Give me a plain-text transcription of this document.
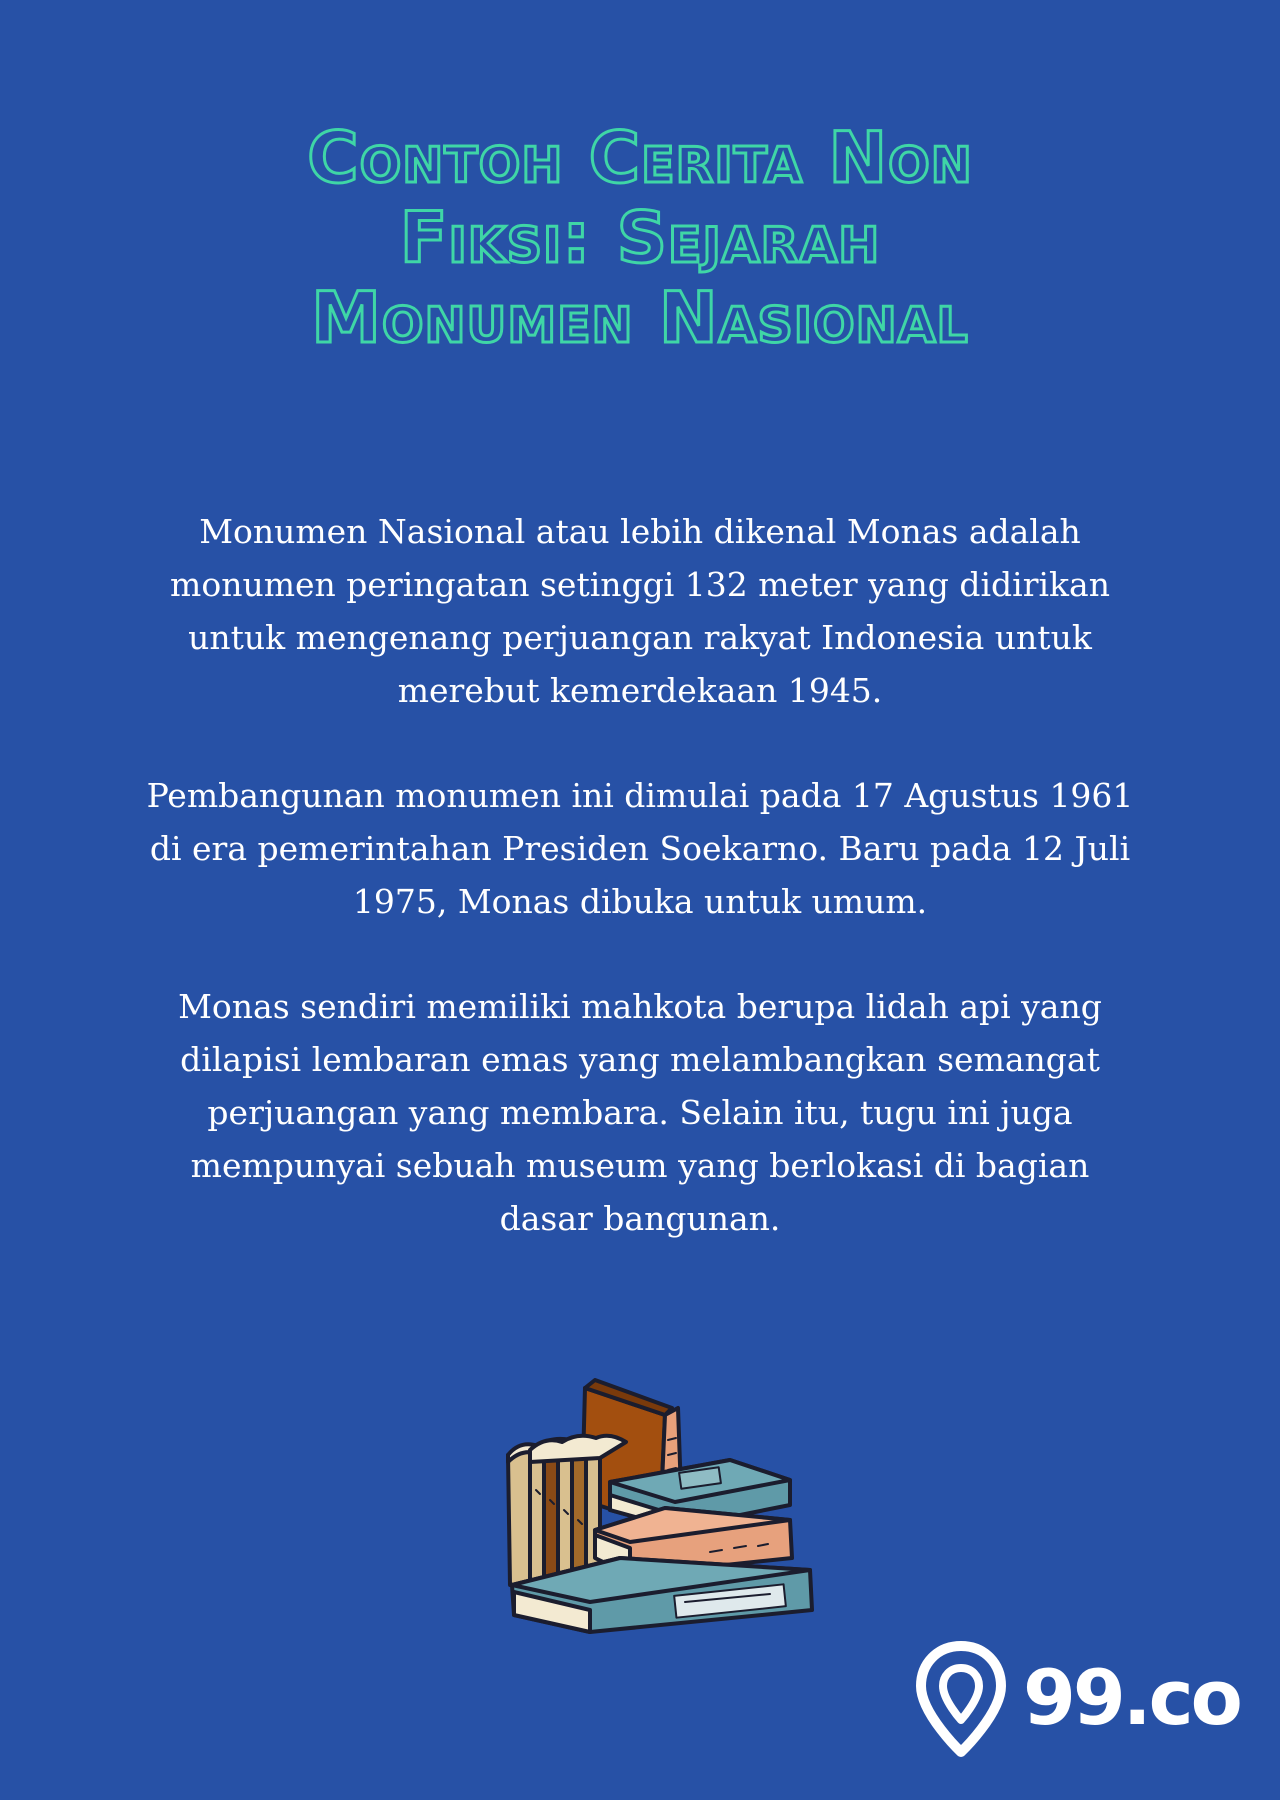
Contoh Cerita Non
Fiksi: Sejarah
Monumen Nasional

Monumen Nasional atau lebih dikenal Monas adalah monumen peringatan setinggi 132 meter yang didirikan untuk mengenang perjuangan rakyat Indonesia untuk merebut kemerdekaan 1945.

Pembangunan monumen ini dimulai pada 17 Agustus 1961 di era pemerintahan Presiden Soekarno. Baru pada 12 Juli 1975, Monas dibuka untuk umum.

Monas sendiri memiliki mahkota berupa lidah api yang dilapisi lembaran emas yang melambangkan semangat perjuangan yang membara. Selain itu, tugu ini juga mempunyai sebuah museum yang berlokasi di bagian dasar bangunan.

99.co
